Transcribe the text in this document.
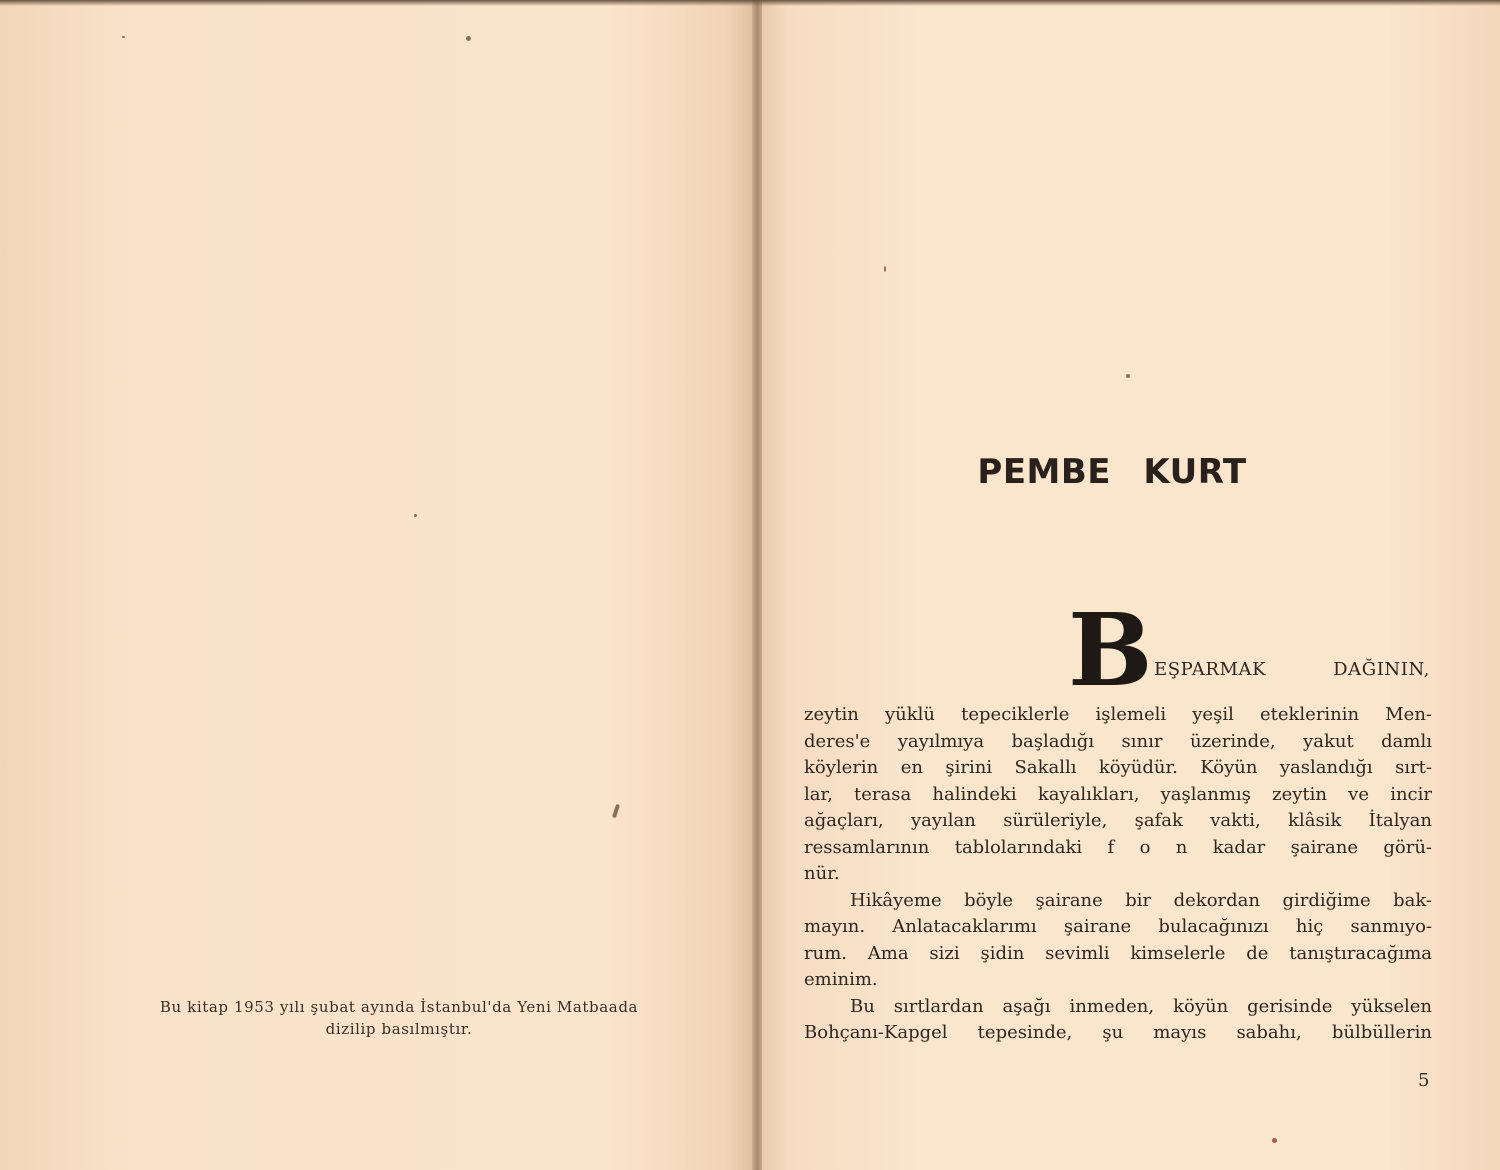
Bu kitap 1953 yılı şubat ayında İstanbul'da Yeni Matbaada
dizilip basılmıştır.
PEMBE KURT
B EŞPARMAK	DAĞININ,
zeytin yüklü tepeciklerle işlemeli yeşil eteklerinin Men-
deres'e yayılmıya başladığı sınır üzerinde, yakut damlı
köylerin en şirini Sakallı köyüdür. Köyün yaslandığı sırt-
lar, terasa halindeki kayalıkları, yaşlanmış zeytin ve incir
ağaçları, yayılan sürüleriyle, şafak vakti, klâsik İtalyan
ressamlarının tablolarındaki f o n kadar şairane görü-
nür.
Hikâyeme böyle şairane bir dekordan girdiğime bak-
mayın. Anlatacaklarımı şairane bulacağınızı hiç sanmıyo-
rum. Ama sizi şidin sevimli kimselerle de tanıştıracağıma
eminim.
Bu sırtlardan aşağı inmeden, köyün gerisinde yükselen
Bohçanı-Kapgel tepesinde, şu mayıs sabahı, bülbüllerin
5
